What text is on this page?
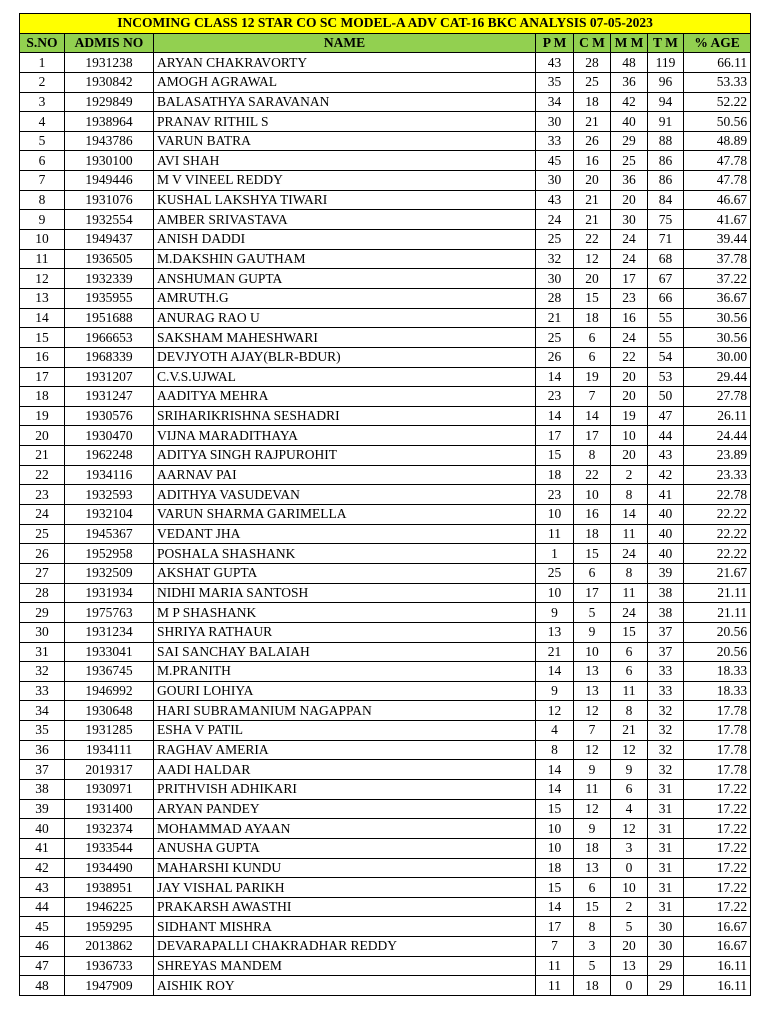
INCOMING CLASS 12 STAR CO SC MODEL-A ADV CAT-16 BKC ANALYSIS 07-05-2023							
S.NO	ADMIS NO	NAME	P M	C M	M M	T M	% AGE
1	1931238	ARYAN CHAKRAVORTY	43	28	48	119	66.11
2	1930842	AMOGH AGRAWAL	35	25	36	96	53.33
3	1929849	BALASATHYA SARAVANAN	34	18	42	94	52.22
4	1938964	PRANAV RITHIL S	30	21	40	91	50.56
5	1943786	VARUN BATRA	33	26	29	88	48.89
6	1930100	AVI SHAH	45	16	25	86	47.78
7	1949446	M V VINEEL REDDY	30	20	36	86	47.78
8	1931076	KUSHAL LAKSHYA TIWARI	43	21	20	84	46.67
9	1932554	AMBER SRIVASTAVA	24	21	30	75	41.67
10	1949437	ANISH DADDI	25	22	24	71	39.44
11	1936505	M.DAKSHIN GAUTHAM	32	12	24	68	37.78
12	1932339	ANSHUMAN GUPTA	30	20	17	67	37.22
13	1935955	AMRUTH.G	28	15	23	66	36.67
14	1951688	ANURAG RAO U	21	18	16	55	30.56
15	1966653	SAKSHAM MAHESHWARI	25	6	24	55	30.56
16	1968339	DEVJYOTH AJAY(BLR-BDUR)	26	6	22	54	30.00
17	1931207	C.V.S.UJWAL	14	19	20	53	29.44
18	1931247	AADITYA MEHRA	23	7	20	50	27.78
19	1930576	SRIHARIKRISHNA SESHADRI	14	14	19	47	26.11
20	1930470	VIJNA MARADITHAYA	17	17	10	44	24.44
21	1962248	ADITYA SINGH RAJPUROHIT	15	8	20	43	23.89
22	1934116	AARNAV PAI	18	22	2	42	23.33
23	1932593	ADITHYA VASUDEVAN	23	10	8	41	22.78
24	1932104	VARUN SHARMA GARIMELLA	10	16	14	40	22.22
25	1945367	VEDANT JHA	11	18	11	40	22.22
26	1952958	POSHALA SHASHANK	1	15	24	40	22.22
27	1932509	AKSHAT GUPTA	25	6	8	39	21.67
28	1931934	NIDHI MARIA SANTOSH	10	17	11	38	21.11
29	1975763	M P SHASHANK	9	5	24	38	21.11
30	1931234	SHRIYA RATHAUR	13	9	15	37	20.56
31	1933041	SAI SANCHAY BALAIAH	21	10	6	37	20.56
32	1936745	M.PRANITH	14	13	6	33	18.33
33	1946992	GOURI LOHIYA	9	13	11	33	18.33
34	1930648	HARI SUBRAMANIUM NAGAPPAN	12	12	8	32	17.78
35	1931285	ESHA V PATIL	4	7	21	32	17.78
36	1934111	RAGHAV AMERIA	8	12	12	32	17.78
37	2019317	AADI HALDAR	14	9	9	32	17.78
38	1930971	PRITHVISH ADHIKARI	14	11	6	31	17.22
39	1931400	ARYAN PANDEY	15	12	4	31	17.22
40	1932374	MOHAMMAD AYAAN	10	9	12	31	17.22
41	1933544	ANUSHA GUPTA	10	18	3	31	17.22
42	1934490	MAHARSHI KUNDU	18	13	0	31	17.22
43	1938951	JAY VISHAL PARIKH	15	6	10	31	17.22
44	1946225	PRAKARSH AWASTHI	14	15	2	31	17.22
45	1959295	SIDHANT MISHRA	17	8	5	30	16.67
46	2013862	DEVARAPALLI CHAKRADHAR REDDY	7	3	20	30	16.67
47	1936733	SHREYAS MANDEM	11	5	13	29	16.11
48	1947909	AISHIK ROY	11	18	0	29	16.11
